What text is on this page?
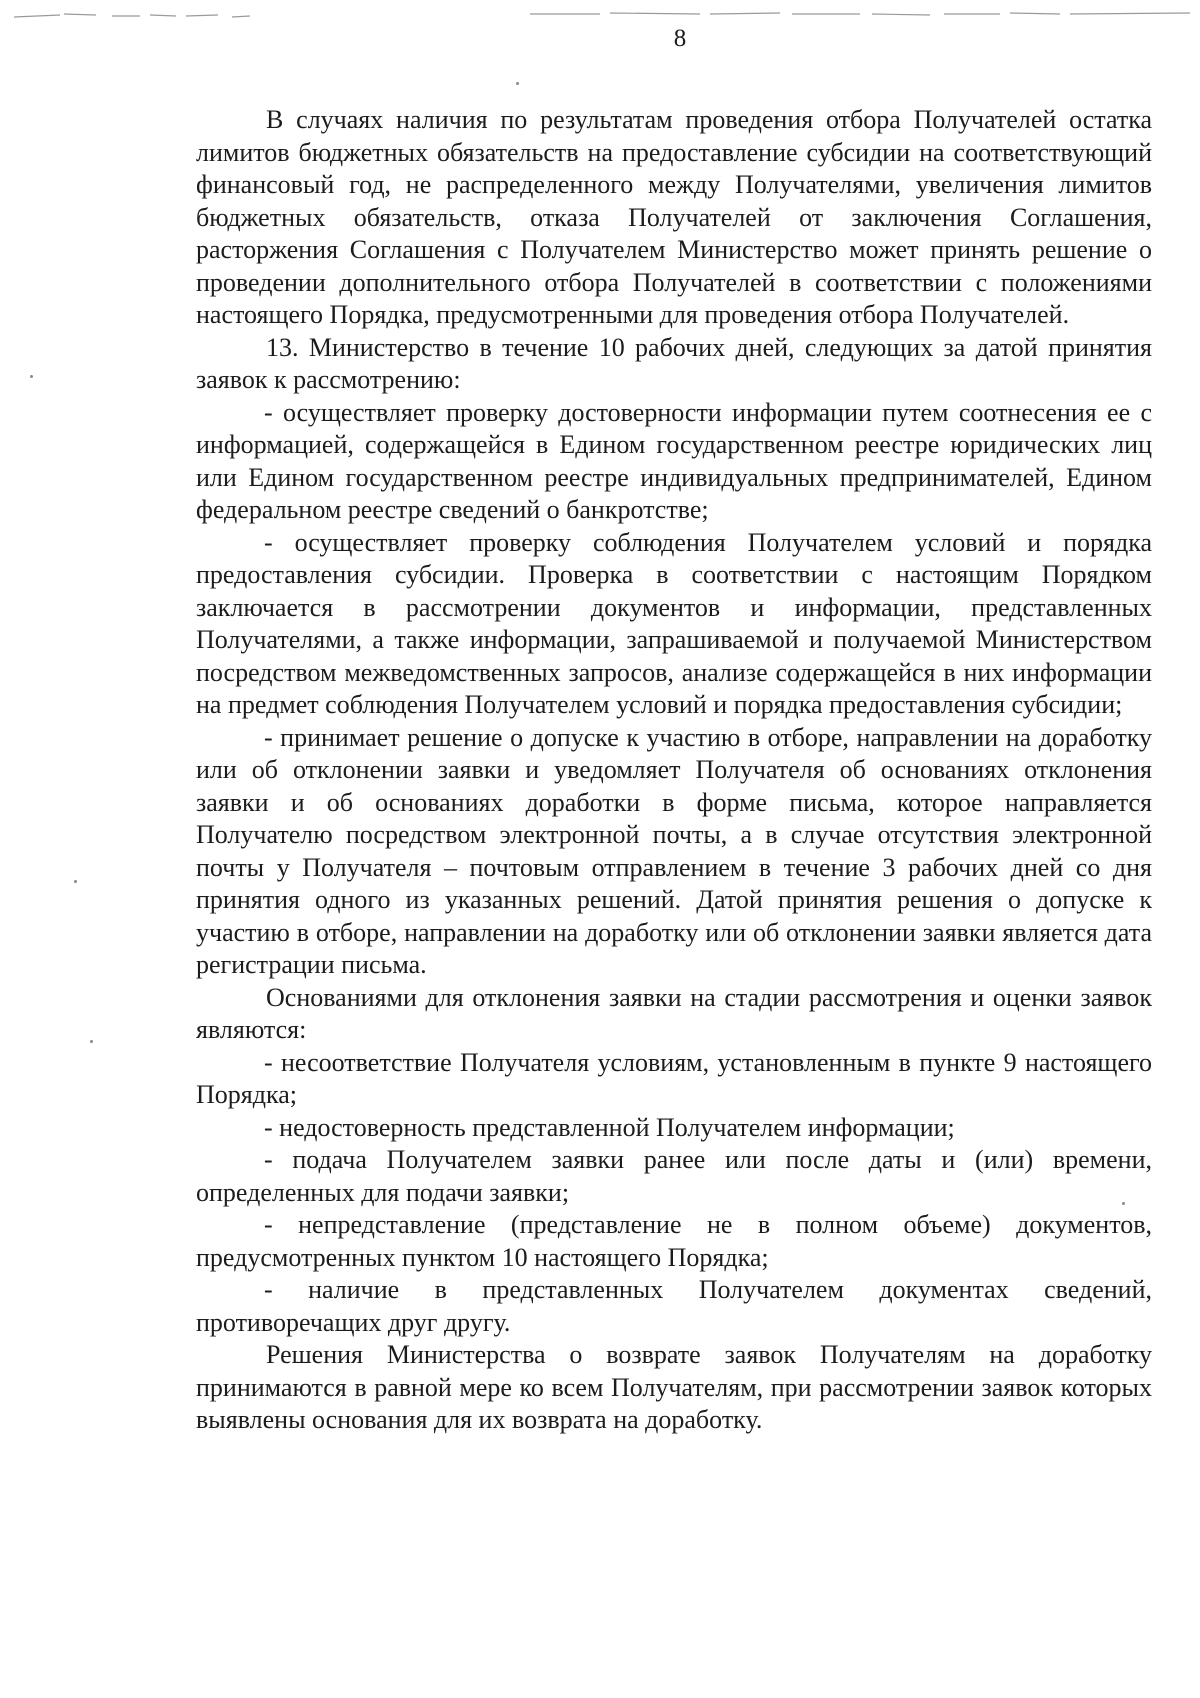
8

В случаях наличия по результатам проведения отбора Получателей остатка лимитов бюджетных обязательств на предоставление субсидии на соответствующий финансовый год, не распределенного между Получателями, увеличения лимитов бюджетных обязательств, отказа Получателей от заключения Соглашения, расторжения Соглашения с Получателем Министерство может принять решение о проведении дополнительного отбора Получателей в соответствии с положениями настоящего Порядка, предусмотренными для проведения отбора Получателей.

13. Министерство в течение 10 рабочих дней, следующих за датой принятия заявок к рассмотрению:

- осуществляет проверку достоверности информации путем соотнесения ее с информацией, содержащейся в Едином государственном реестре юридических лиц или Едином государственном реестре индивидуальных предпринимателей, Едином федеральном реестре сведений о банкротстве;

- осуществляет проверку соблюдения Получателем условий и порядка предоставления субсидии. Проверка в соответствии с настоящим Порядком заключается в рассмотрении документов и информации, представленных Получателями, а также информации, запрашиваемой и получаемой Министерством посредством межведомственных запросов, анализе содержащейся в них информации на предмет соблюдения Получателем условий и порядка предоставления субсидии;

- принимает решение о допуске к участию в отборе, направлении на доработку или об отклонении заявки и уведомляет Получателя об основаниях отклонения заявки и об основаниях доработки в форме письма, которое направляется Получателю посредством электронной почты, а в случае отсутствия электронной почты у Получателя – почтовым отправлением в течение 3 рабочих дней со дня принятия одного из указанных решений. Датой принятия решения о допуске к участию в отборе, направлении на доработку или об отклонении заявки является дата регистрации письма.

Основаниями для отклонения заявки на стадии рассмотрения и оценки заявок являются:

- несоответствие Получателя условиям, установленным в пункте 9 настоящего Порядка;

- недостоверность представленной Получателем информации;

- подача Получателем заявки ранее или после даты и (или) времени, определенных для подачи заявки;

- непредставление (представление не в полном объеме) документов, предусмотренных пунктом 10 настоящего Порядка;

- наличие в представленных Получателем документах сведений, противоречащих друг другу.

Решения Министерства о возврате заявок Получателям на доработку принимаются в равной мере ко всем Получателям, при рассмотрении заявок которых выявлены основания для их возврата на доработку.
